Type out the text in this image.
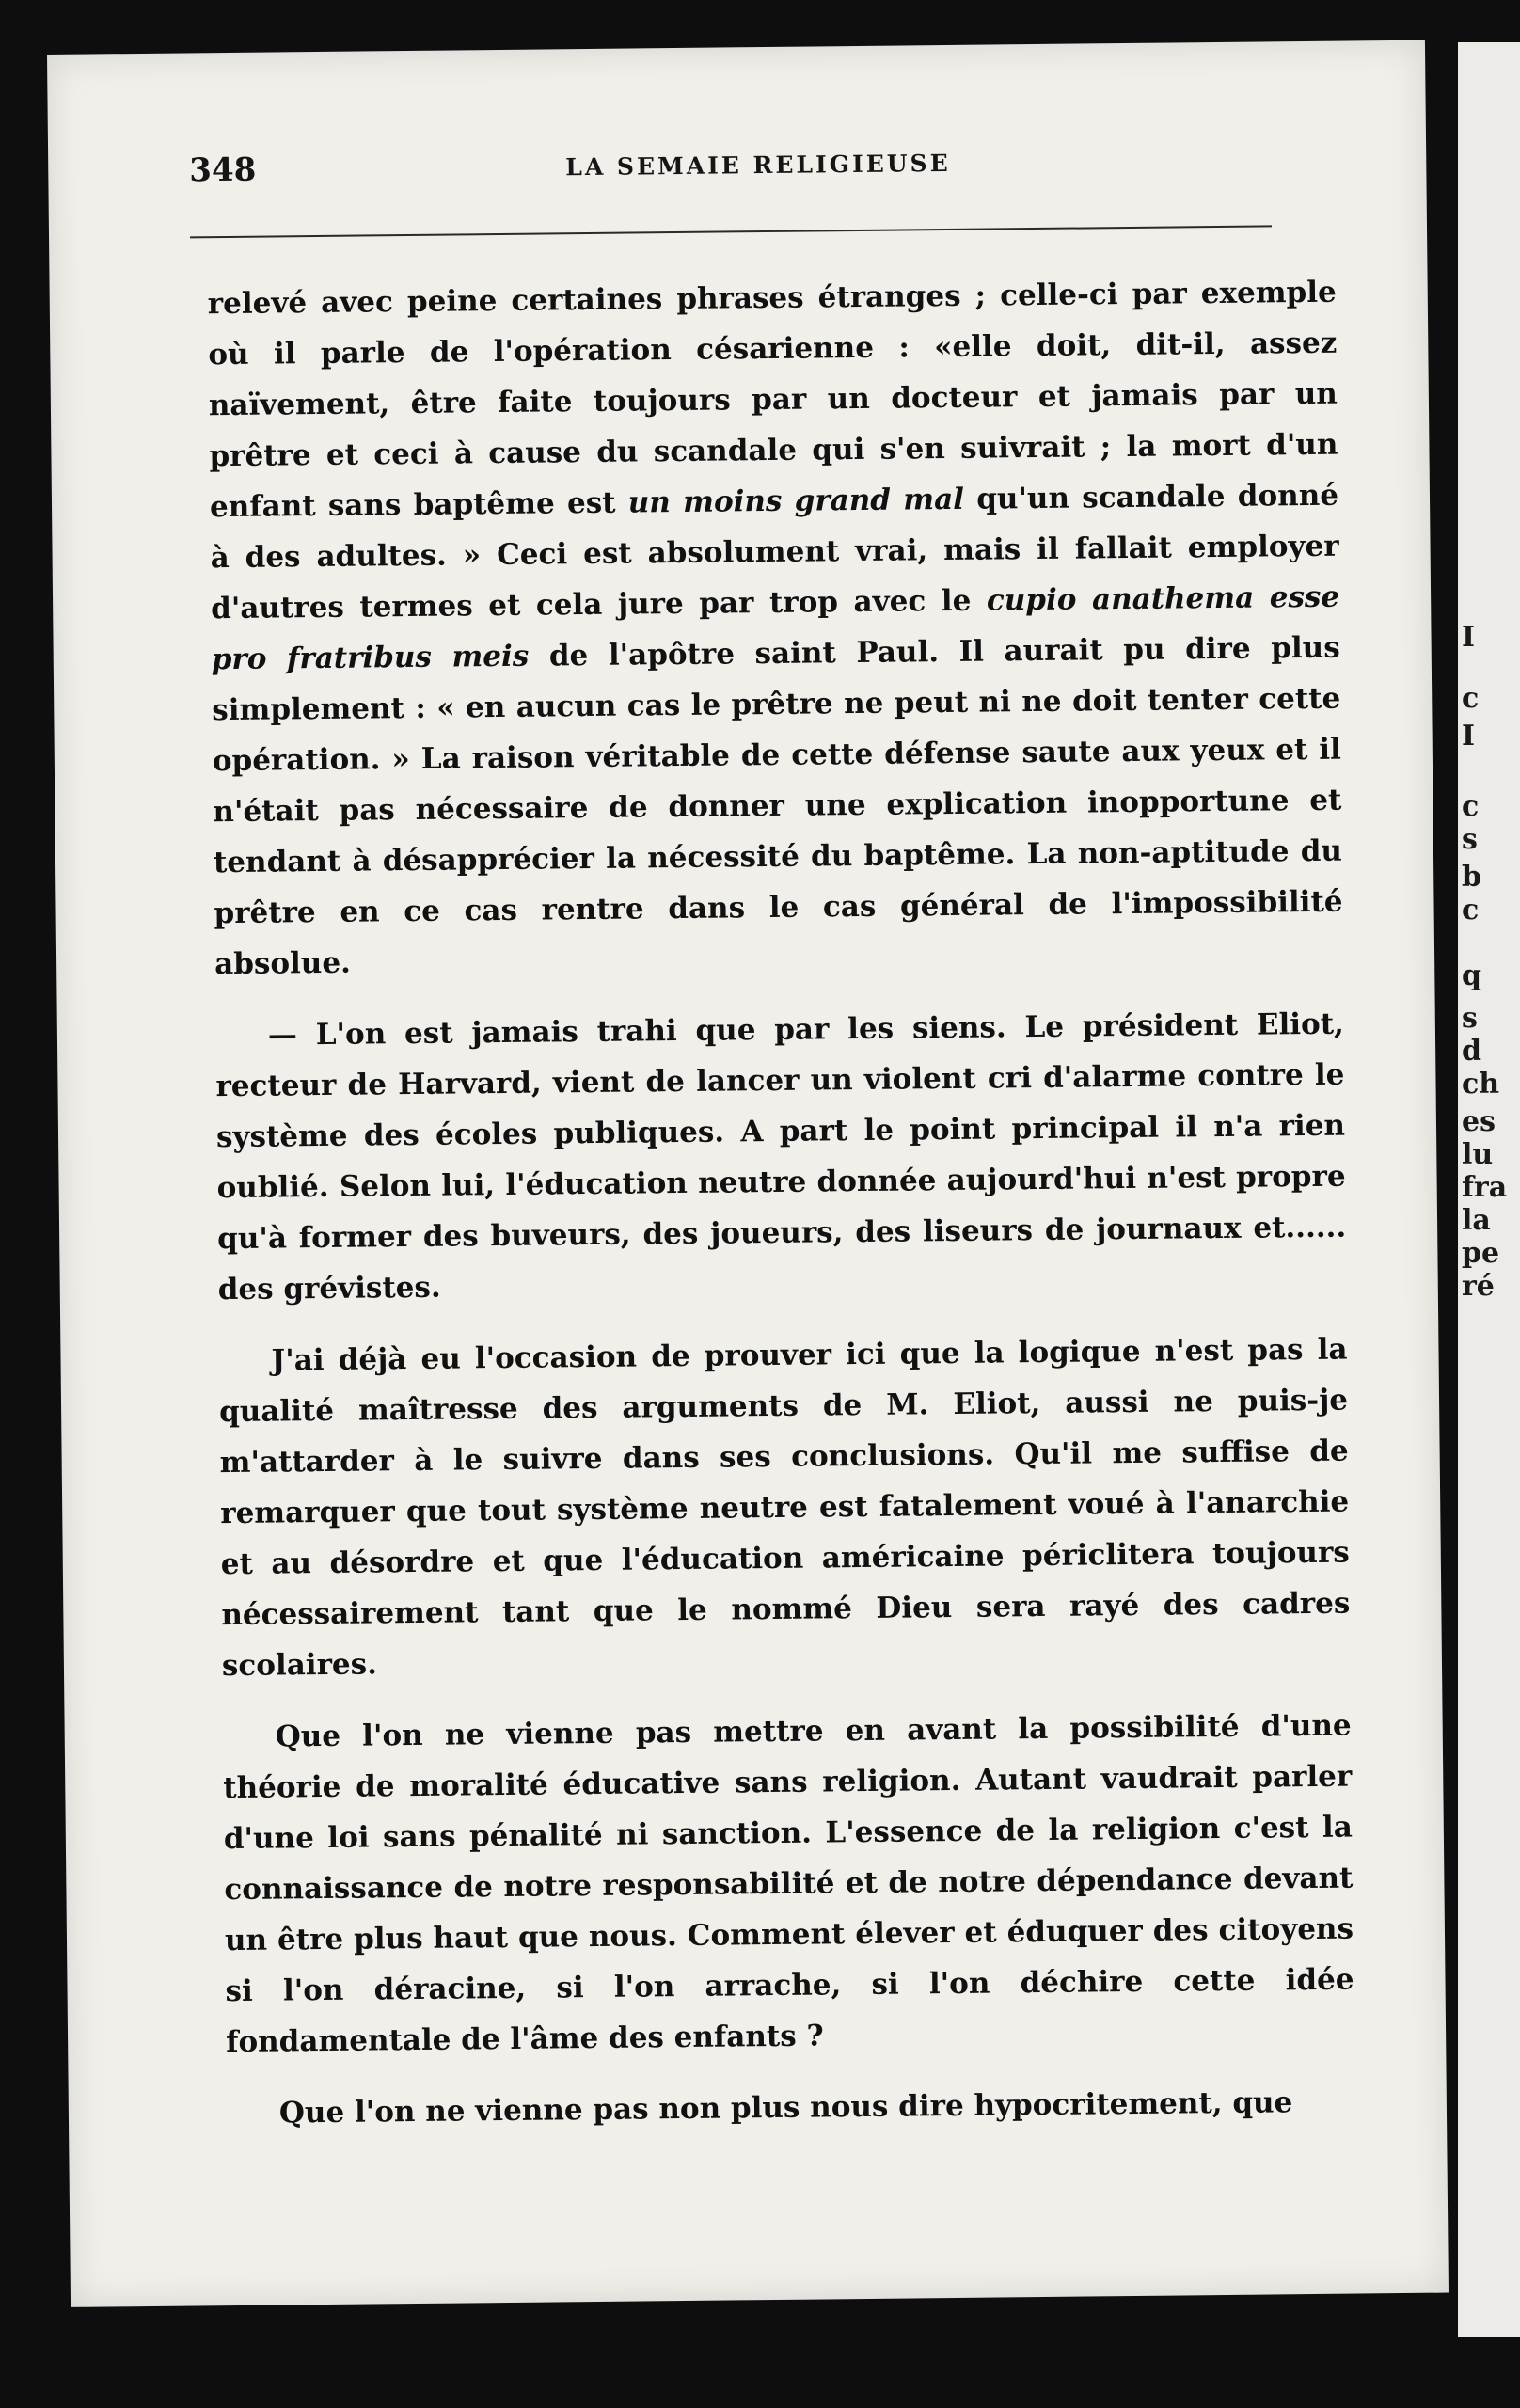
348	LA SEMAIE RELIGIEUSE

relevé avec peine certaines phrases étranges ; celle-ci par exemple où il parle de l'opération césarienne : «elle doit, dit-il, assez naïvement, être faite toujours par un docteur et jamais par un prêtre et ceci à cause du scandale qui s'en suivrait ; la mort d'un enfant sans baptême est un moins grand mal qu'un scandale donné à des adultes. » Ceci est absolument vrai, mais il fallait employer d'autres termes et cela jure par trop avec le cupio anathema esse pro fratribus meis de l'apôtre saint Paul. Il aurait pu dire plus simplement : « en aucun cas le prêtre ne peut ni ne doit tenter cette opération. » La raison véritable de cette défense saute aux yeux et il n'était pas nécessaire de donner une explication inopportune et tendant à désapprécier la nécessité du baptême. La non-aptitude du prêtre en ce cas rentre dans le cas général de l'impossibilité absolue.

— L'on est jamais trahi que par les siens. Le président Eliot, recteur de Harvard, vient de lancer un violent cri d'alarme contre le système des écoles publiques. A part le point principal il n'a rien oublié. Selon lui, l'éducation neutre donnée aujourd'hui n'est propre qu'à former des buveurs, des joueurs, des liseurs de journaux et...... des grévistes.

J'ai déjà eu l'occasion de prouver ici que la logique n'est pas la qualité maîtresse des arguments de M. Eliot, aussi ne puis-je m'attarder à le suivre dans ses conclusions. Qu'il me suffise de remarquer que tout système neutre est fatalement voué à l'anarchie et au désordre et que l'éducation américaine périclitera toujours nécessairement tant que le nommé Dieu sera rayé des cadres scolaires.

Que l'on ne vienne pas mettre en avant la possibilité d'une théorie de moralité éducative sans religion. Autant vaudrait parler d'une loi sans pénalité ni sanction. L'essence de la religion c'est la connaissance de notre responsabilité et de notre dépendance devant un être plus haut que nous. Comment élever et éduquer des citoyens si l'on déracine, si l'on arrache, si l'on déchire cette idée fondamentale de l'âme des enfants ?

Que l'on ne vienne pas non plus nous dire hypocritement, que

I
c
I
c
s
b
c
q
s
d
ch
es
lu
fra
la
pe
ré
